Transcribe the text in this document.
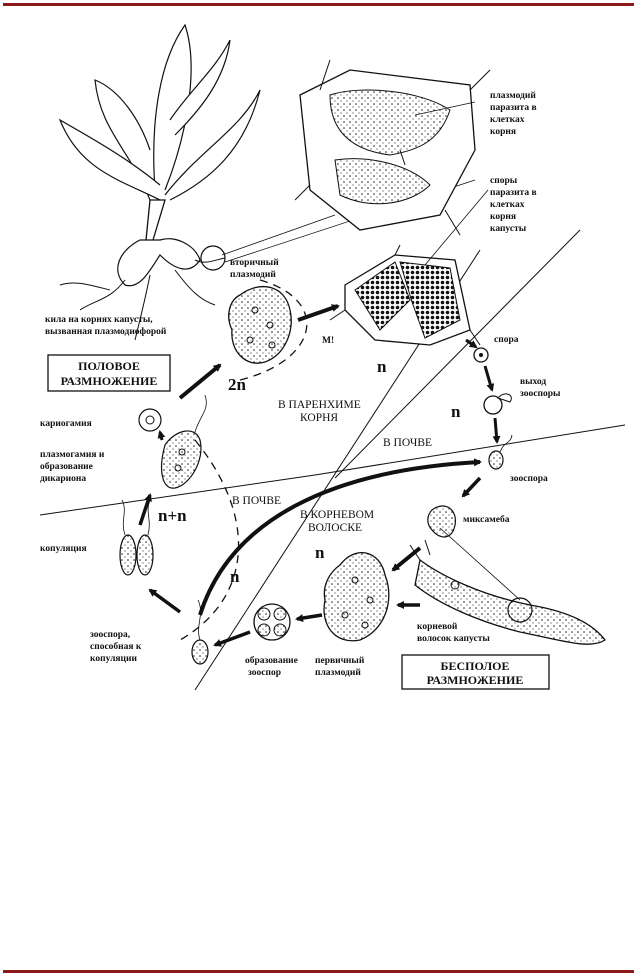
ПОЛОВОЕ
РАЗМНОЖЕНИЕ
БЕСПОЛОЕ
РАЗМНОЖЕНИЕ
плазмодий
паразита в
клетках
корня
споры
паразита в
клетках
корня
капусты
вторичный
плазмодий
кила на корнях капусты,
вызванная плазмодиофорой
М!	спора
выход
зооспоры
зооспора
миксамеба
корневой
волосок капусты
первичный
плазмодий
образование
зооспор
зооспора,
способная к
копуляции
копуляция
плазмогамия и
образование
дикариона
кариогамия
В ПАРЕНХИМЕ
КОРНЯ
В ПОЧВЕ
В ПОЧВЕ
В КОРНЕВОМ
ВОЛОСКЕ
2n
n
n
n
n
n+n
